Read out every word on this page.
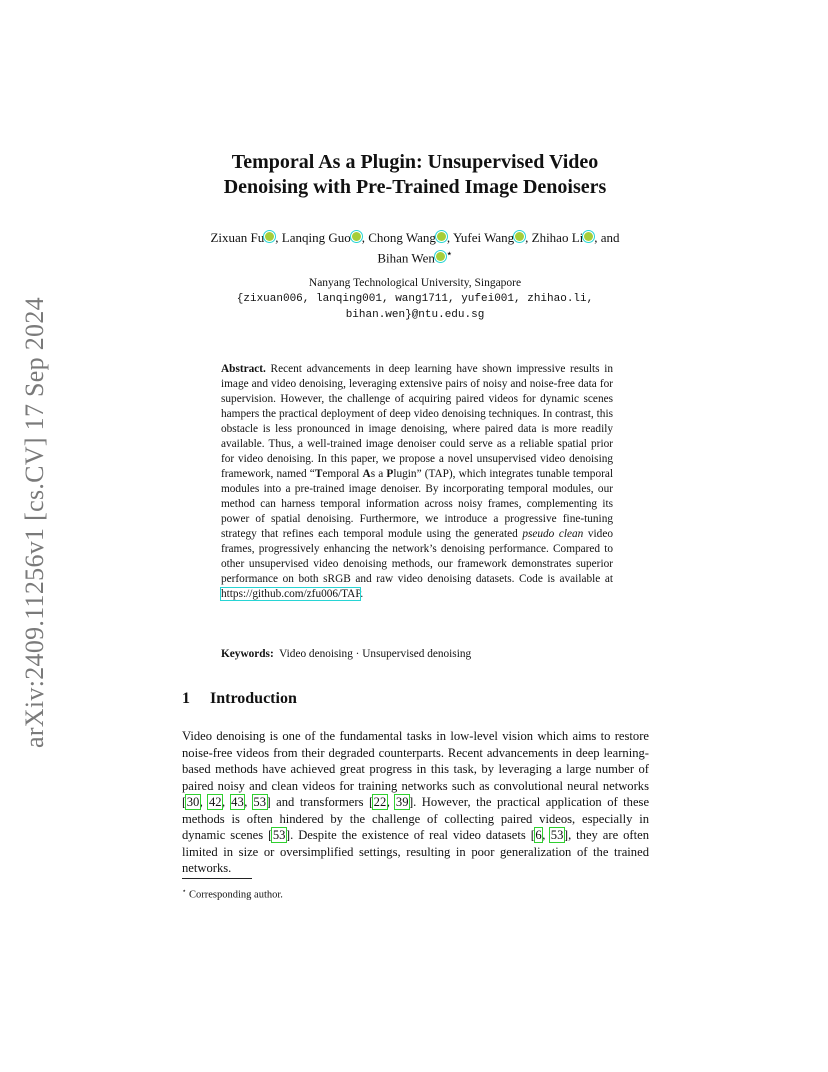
arXiv:2409.11256v1 [cs.CV] 17 Sep 2024
Temporal As a Plugin: Unsupervised Video
Denoising with Pre-Trained Image Denoisers
Zixuan Fu , Lanqing Guo , Chong Wang , Yufei Wang , Zhihao Li , and
Bihan Wen ⋆
Nanyang Technological University, Singapore
{zixuan006, lanqing001, wang1711, yufei001, zhihao.li,
bihan.wen}@ntu.edu.sg

Abstract. Recent advancements in deep learning have shown impressive results in image and video denoising, leveraging extensive pairs of noisy and noise-free data for supervision. However, the challenge of acquiring paired videos for dynamic scenes hampers the practical deployment of deep video denoising techniques. In contrast, this obstacle is less pronounced in image denoising, where paired data is more readily available. Thus, a well-trained image denoiser could serve as a reliable spatial prior for video denoising. In this paper, we propose a novel unsupervised video denoising framework, named “Temporal As a Plugin” (TAP), which integrates tunable temporal modules into a pre-trained image denoiser. By incorporating temporal modules, our method can harness temporal information across noisy frames, complementing its power of spatial denoising. Furthermore, we introduce a progressive fine-tuning strategy that refines each temporal module using the generated pseudo clean video frames, progressively enhancing the network’s denoising performance. Compared to other unsupervised video denoising methods, our framework demonstrates superior performance on both sRGB and raw video denoising datasets. Code is available at https://github.com/zfu006/TAP.

Keywords: Video denoising · Unsupervised denoising
1 Introduction

Video denoising is one of the fundamental tasks in low-level vision which aims to restore noise-free videos from their degraded counterparts. Recent advancements in deep learning-based methods have achieved great progress in this task, by leveraging a large number of paired noisy and clean videos for training networks such as convolutional neural networks [30, 42, 43, 53] and transformers [22, 39]. However, the practical application of these methods is often hindered by the challenge of collecting paired videos, especially in dynamic scenes [53]. Despite the existence of real video datasets [6, 53], they are often limited in size or oversimplified settings, resulting in poor generalization of the trained networks.

⋆ Corresponding author.
